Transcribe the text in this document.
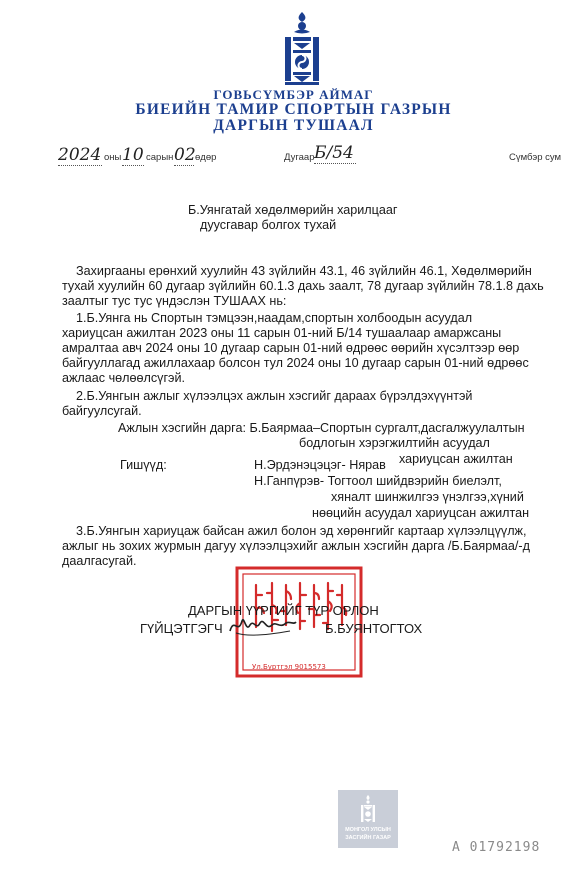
ГОВЬСҮМБЭР АЙМАГ
БИЕИЙН ТАМИР СПОРТЫН ГАЗРЫН
ДАРГЫН ТУШААЛ
2024 оны 10 сарын 02 өдөр	Дугаар Б/54	Сүмбэр сум
Б.Уянгатай хөдөлмөрийн харилцааг
дуусгавар болгох тухай
Захиргааны ерөнхий хуулийн 43 зүйлийн 43.1, 46 зүйлийн 46.1, Хөдөлмөрийн
тухай хуулийн 60 дугаар зүйлийн 60.1.3 дахь заалт, 78 дугаар зүйлийн 78.1.8 дахь
заалтыг тус тус үндэслэн ТУШААХ нь:
1.Б.Уянга нь Спортын тэмцээн,наадам,спортын холбоодын асуудал
хариуцсан ажилтан 2023 оны 11 сарын 01-ний Б/14 тушаалаар амаржсаны
амралтаа авч 2024 оны 10 дугаар сарын 01-ний өдрөөс өөрийн хүсэлтээр өөр
байгууллагад ажиллахаар болсон тул 2024 оны 10 дугаар сарын 01-ний өдрөөс
ажлаас чөлөөлсүгэй.
2.Б.Уянгын ажлыг хүлээлцэх ажлын хэсгийг дараах бүрэлдэхүүнтэй
байгуулсугай.
Ажлын хэсгийн дарга: Б.Баярмаа–Спортын сургалт,дасгалжуулалтын
бодлогын хэрэгжилтийн асуудал
хариуцсан ажилтан
Гишүүд:	Н.Эрдэнэцэцэг- Нярав
Н.Ганпүрэв- Тогтоол шийдвэрийн биелэлт,
хяналт шинжилгээ үнэлгээ,хүний
нөөцийн асуудал хариуцсан ажилтан
3.Б.Уянгын хариуцаж байсан ажил болон эд хөрөнгийг картаар хүлээлцүүлж,
ажлыг нь зохих журмын дагуу хүлээлцэхийг ажлын хэсгийн дарга /Б.Баярмаа/-д
даалгасугай.
Ул.Бүртгэл 9015573
ДАРГЫН ҮҮРГИЙГ ТҮР ОРЛОН
ГҮЙЦЭТГЭГЧ	Б.БУЯНТОГТОХ
МОНГОЛ УЛСЫН
ЗАСГИЙН ГАЗАР
A 01792198
